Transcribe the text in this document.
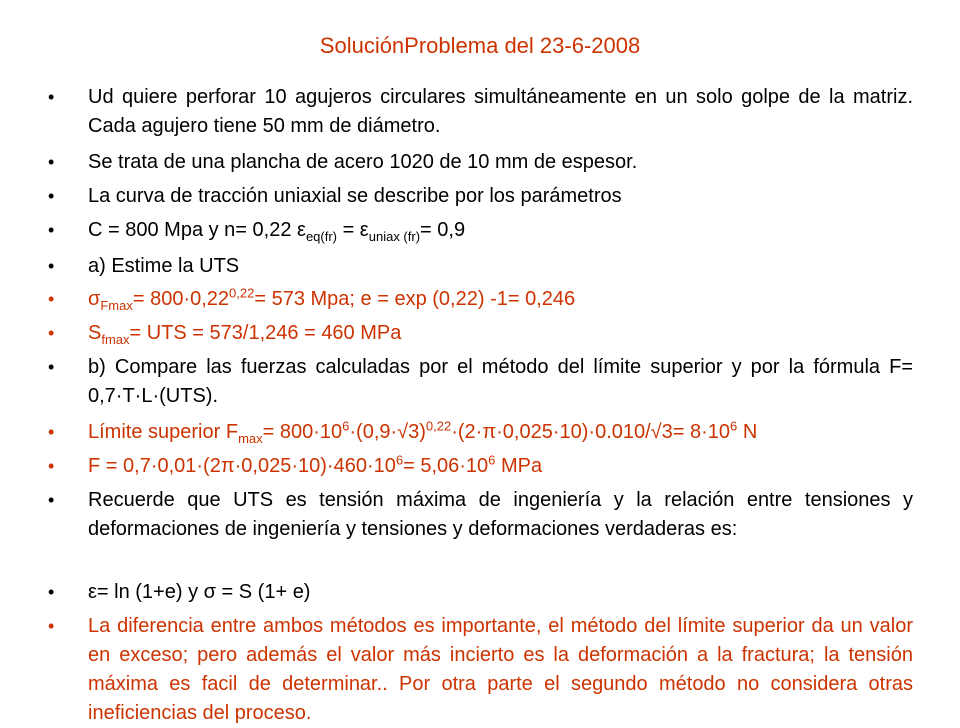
SoluciónProblema del 23-6-2008
• Ud quiere perforar 10 agujeros circulares simultáneamente en un solo golpe de la matriz. Cada agujero tiene 50 mm de diámetro.
• Se trata de una plancha de acero 1020 de 10 mm de espesor.
• La curva de tracción uniaxial se describe por los parámetros
• C = 800 Mpa y n= 0,22 $\varepsilon_{eq(fr)} = \varepsilon_{uniax (fr)}= 0,9$
• a) Estime la UTS
• $\sigma_{Fmax}= 800\cdot 0,22^{0,22}= 573$ Mpa; e = exp (0,22) -1= 0,246
• $S_{fmax}=$ UTS = 573/1,246 = 460 MPa
• b) Compare las fuerzas calculadas por el método del límite superior y por la fórmula F= 0,7·T·L·(UTS).
• Límite superior $F_{max}= 800\cdot 10^6\cdot(0,9\cdot√3)^{0,22}\cdot(2\cdot\pi\cdot 0,025\cdot 10)\cdot 0.010/√3= 8\cdot 10^6$ N
• $F = 0,7\cdot 0,01\cdot(2\pi\cdot 0,025\cdot 10)\cdot 460\cdot 10^6= 5,06\cdot 10^6$ MPa
• Recuerde que UTS es tensión máxima de ingeniería y la relación entre tensiones y deformaciones de ingeniería y tensiones y deformaciones verdaderas es:
• ε= ln (1+e) y σ = S (1+ e)
• La diferencia entre ambos métodos es importante, el método del límite superior da un valor en exceso; pero además el valor más incierto es la deformación a la fractura; la tensión máxima es facil de determinar.. Por otra parte el segundo método no considera otras ineficiencias del proceso.
